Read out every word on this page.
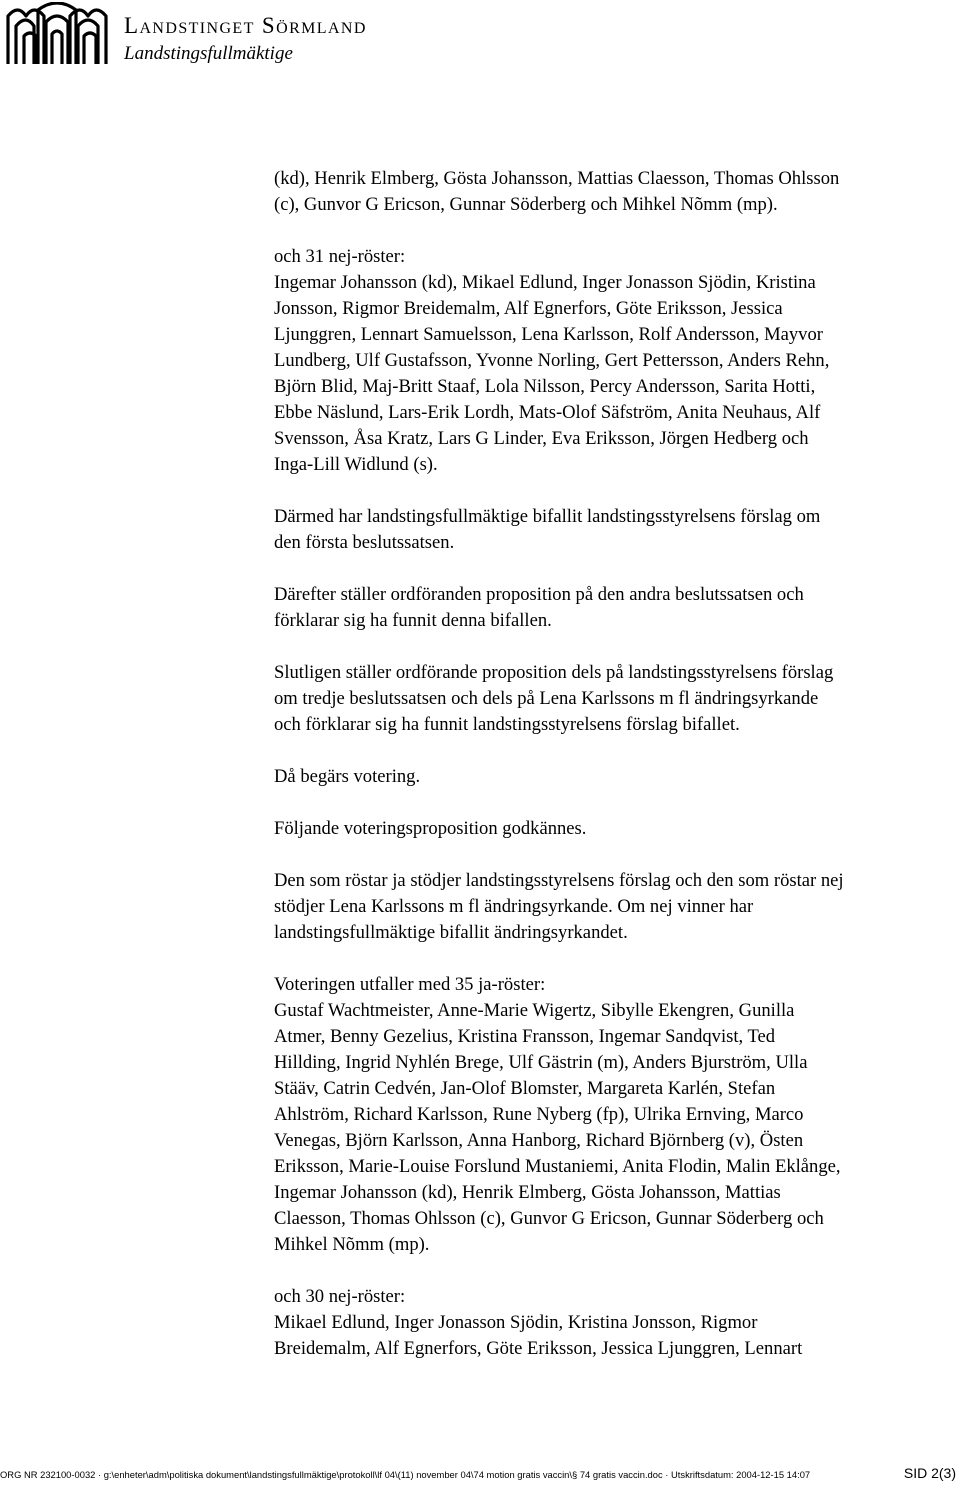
Landstinget Sörmland
Landstingsfullmäktige

(kd), Henrik Elmberg, Gösta Johansson, Mattias Claesson, Thomas Ohlsson
(c), Gunvor G Ericson, Gunnar Söderberg och Mihkel Nõmm (mp).

och 31 nej-röster:
Ingemar Johansson (kd), Mikael Edlund, Inger Jonasson Sjödin, Kristina
Jonsson, Rigmor Breidemalm, Alf Egnerfors, Göte Eriksson, Jessica
Ljunggren, Lennart Samuelsson, Lena Karlsson, Rolf Andersson, Mayvor
Lundberg, Ulf Gustafsson, Yvonne Norling, Gert Pettersson, Anders Rehn,
Björn Blid, Maj-Britt Staaf, Lola Nilsson, Percy Andersson, Sarita Hotti,
Ebbe Näslund, Lars-Erik Lordh, Mats-Olof Säfström, Anita Neuhaus, Alf
Svensson, Åsa Kratz, Lars G Linder, Eva Eriksson, Jörgen Hedberg och
Inga-Lill Widlund (s).

Därmed har landstingsfullmäktige bifallit landstingsstyrelsens förslag om
den första beslutssatsen.

Därefter ställer ordföranden proposition på den andra beslutssatsen och
förklarar sig ha funnit denna bifallen.

Slutligen ställer ordförande proposition dels på landstingsstyrelsens förslag
om tredje beslutssatsen och dels på Lena Karlssons m fl ändringsyrkande
och förklarar sig ha funnit landstingsstyrelsens förslag bifallet.

Då begärs votering.

Följande voteringsproposition godkännes.

Den som röstar ja stödjer landstingsstyrelsens förslag och den som röstar nej
stödjer Lena Karlssons m fl ändringsyrkande. Om nej vinner har
landstingsfullmäktige bifallit ändringsyrkandet.

Voteringen utfaller med 35 ja-röster:
Gustaf Wachtmeister, Anne-Marie Wigertz, Sibylle Ekengren, Gunilla
Atmer, Benny Gezelius, Kristina Fransson, Ingemar Sandqvist, Ted
Hillding, Ingrid Nyhlén Brege, Ulf Gästrin (m), Anders Bjurström, Ulla
Stääv, Catrin Cedvén, Jan-Olof Blomster, Margareta Karlén, Stefan
Ahlström, Richard Karlsson, Rune Nyberg (fp), Ulrika Ernving, Marco
Venegas, Björn Karlsson, Anna Hanborg, Richard Björnberg (v), Östen
Eriksson, Marie-Louise Forslund Mustaniemi, Anita Flodin, Malin Eklånge,
Ingemar Johansson (kd), Henrik Elmberg, Gösta Johansson, Mattias
Claesson, Thomas Ohlsson (c), Gunvor G Ericson, Gunnar Söderberg och
Mihkel Nõmm (mp).

och 30 nej-röster:
Mikael Edlund, Inger Jonasson Sjödin, Kristina Jonsson, Rigmor
Breidemalm, Alf Egnerfors, Göte Eriksson, Jessica Ljunggren, Lennart

ORG NR 232100-0032 · g:\enheter\adm\politiska dokument\landstingsfullmäktige\protokoll\lf 04\(11) november 04\74 motion gratis vaccin\§ 74 gratis vaccin.doc · Utskriftsdatum: 2004-12-15 14:07	SID 2(3)
